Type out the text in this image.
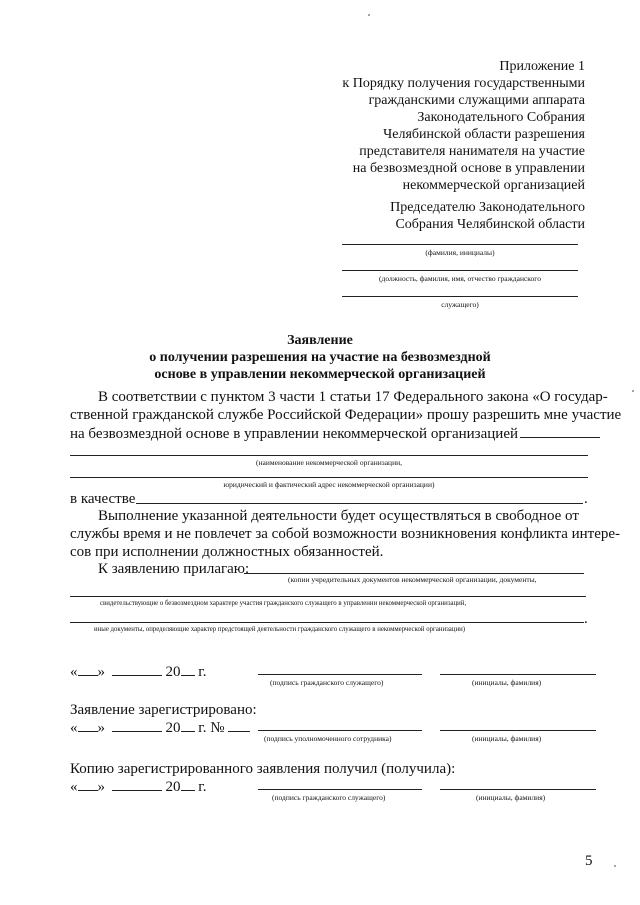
Приложение 1
к Порядку получения государственными
гражданскими служащими аппарата
Законодательного Собрания
Челябинской области разрешения
представителя нанимателя на участие
на безвозмездной основе в управлении
некоммерческой организацией
Председателю Законодательного
Собрания Челябинской области
(фамилия, инициалы)
(должность, фамилия, имя, отчество гражданского
служащего)
Заявление
о получении разрешения на участие на безвозмездной
основе в управлении некоммерческой организацией
В соответствии с пунктом 3 части 1 статьи 17 Федерального закона «О государ-
ственной гражданской службе Российской Федерации» прошу разрешить мне участие
на безвозмездной основе в управлении некоммерческой организацией
(наименование некоммерческой организации,
юридический и фактический адрес некоммерческой организации)
в качестве	.
Выполнение указанной деятельности будет осуществляться в свободное от
службы время и не повлечет за собой возможности возникновения конфликта интере-
сов при исполнении должностных обязанностей.
К заявлению прилагаю:
(копии учредительных документов некоммерческой организации, документы,
свидетельствующие о безвозмездном характере участия гражданского служащего в управлении некоммерческой организаций,
.
иные документы, определяющие характер предстоящей деятельности гражданского служащего в некоммерческой организации)
« »	20 г.
(подпись гражданского служащего)	(инициалы, фамилия)
Заявление зарегистрировано:
« »	20 г. №
(подпись уполномоченного сотрудника)	(инициалы, фамилия)
Копию зарегистрированного заявления получил (получила):
« »	20 г.
(подпись гражданского служащего)	(инициалы, фамилия)
5
